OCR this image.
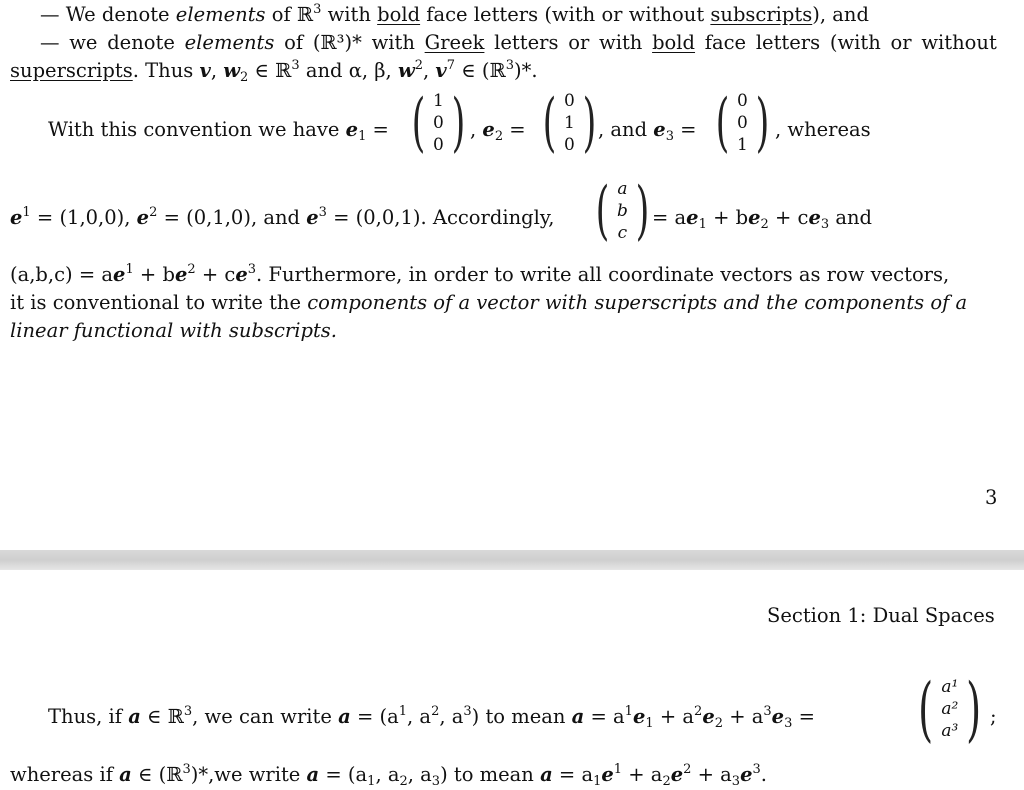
— We denote elements of ℝ$^3$ with bold face letters (with or without subscripts), and
— we denote elements of (ℝ³)* with Greek letters or with bold face letters (with or without
superscripts. Thus v, $w_2$ ∈ ℝ$^3$ and α, β, $w^2$, $v^7$ ∈ (ℝ$^3$)*.
With this convention we have $e_1$ = ( 1
0
0 ) , $e_2$ = ( 0
1
0 ) , and $e_3$ = ( 0
0
1 ) , whereas
$e^1 = (1,0,0)$, $e^2 = (0,1,0)$, and $e^3 = (0,0,1)$. Accordingly, ( a
b
c ) = $ae_1 + be_2 + ce_3$ and
$(a,b,c) = ae^1 + be^2 + ce^3$. Furthermore, in order to write all coordinate vectors as row vectors,
it is conventional to write the components of a vector with superscripts and the components of a
linear functional with subscripts.
3
Section 1: Dual Spaces
Thus, if a ∈ ℝ$^3$, we can write $a = (a^1$, $a^2$, $a^3$) to mean $a = a^1e_1 + a^2e_2 + a^3e_3$ = ( a¹
a²
a³ ) ;
whereas if a ∈ (ℝ$^3$)*,we write $a = (a_1$, $a_2$, $a_3$) to mean $a = a_1e^1 + a_2e^2 + a_3e^3$.
